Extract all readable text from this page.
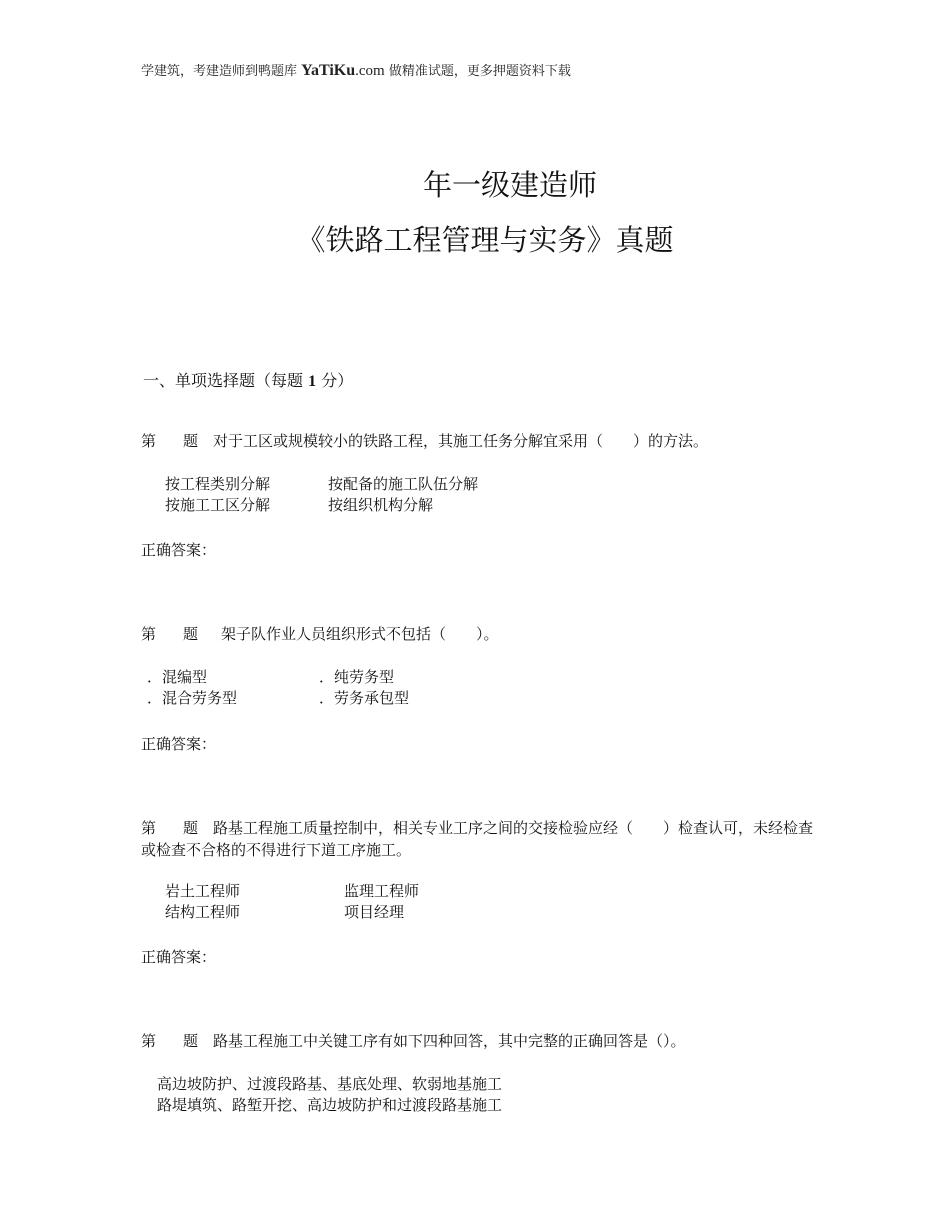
学建筑，考建造师到鸭题库 YaTiKu.com 做精准试题，更多押题资料下载
年一级建造师
《铁路工程管理与实务》真题
一、单项选择题（每题 1 分）
第 题 对于工区或规模较小的铁路工程，其施工任务分解宜采用（　　）的方法。
按工程类别分解	按配备的施工队伍分解
按施工工区分解	按组织机构分解
正确答案：
第 题 架子队作业人员组织形式不包括（　　）。
．混编型	．纯劳务型
．混合劳务型	．劳务承包型
正确答案：
第 题 路基工程施工质量控制中，相关专业工序之间的交接检验应经（　　）检查认可，未经检查或检查不合格的不得进行下道工序施工。
岩土工程师	监理工程师
结构工程师	项目经理
正确答案：
第 题 路基工程施工中关键工序有如下四种回答，其中完整的正确回答是（）。
高边坡防护、过渡段路基、基底处理、软弱地基施工
路堤填筑、路堑开挖、高边坡防护和过渡段路基施工
